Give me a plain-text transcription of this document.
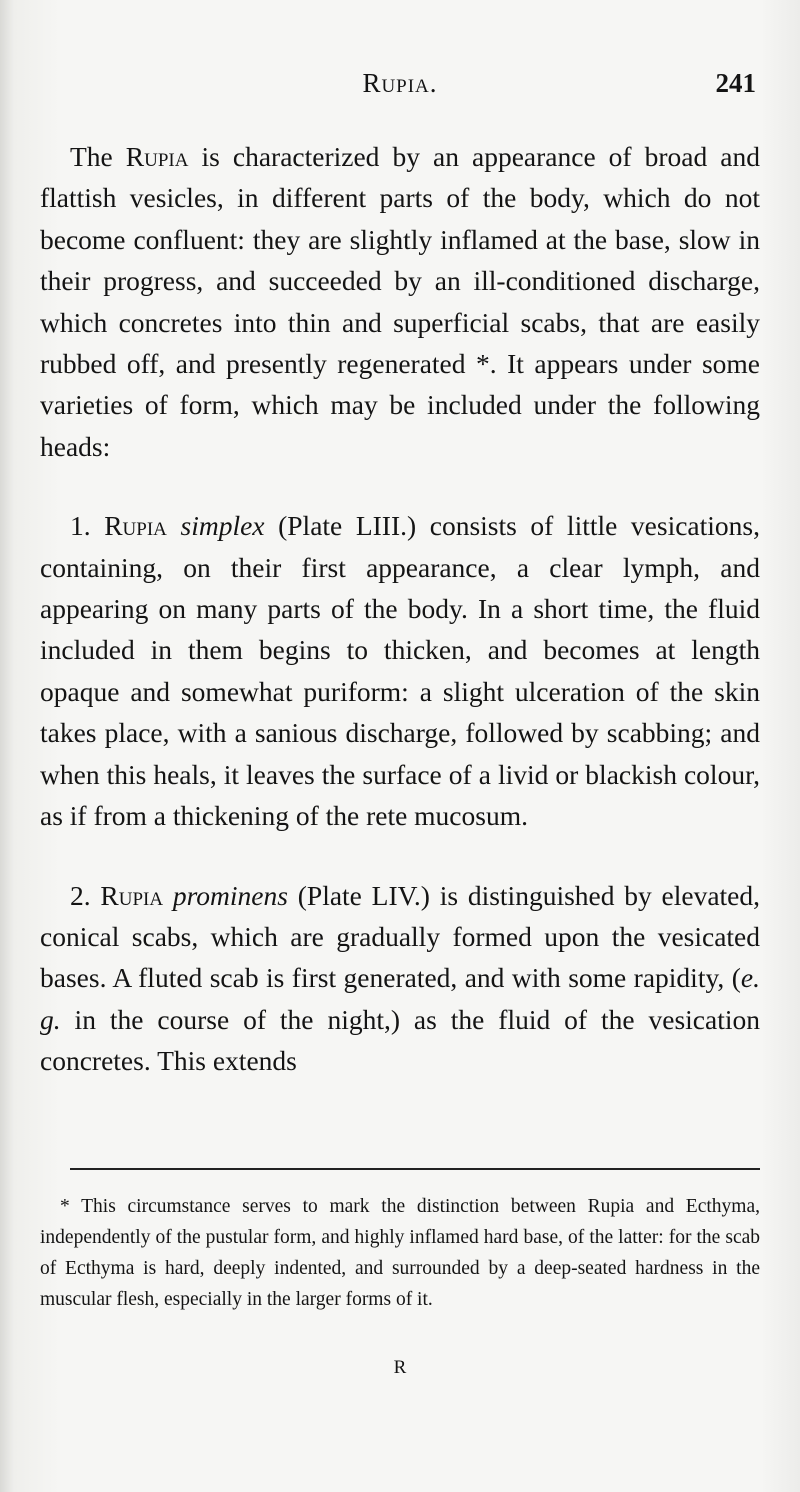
Rupia.	241

The Rupia is characterized by an appearance of broad and flattish vesicles, in different parts of the body, which do not become confluent: they are slightly inflamed at the base, slow in their progress, and succeeded by an ill-conditioned discharge, which concretes into thin and superficial scabs, that are easily rubbed off, and presently regenerated *. It appears under some varieties of form, which may be included under the following heads:

1. Rupia simplex (Plate LIII.) consists of little vesications, containing, on their first appearance, a clear lymph, and appearing on many parts of the body. In a short time, the fluid included in them begins to thicken, and becomes at length opaque and somewhat puriform: a slight ulceration of the skin takes place, with a sanious discharge, followed by scabbing; and when this heals, it leaves the surface of a livid or blackish colour, as if from a thickening of the rete mucosum.

2. Rupia prominens (Plate LIV.) is distinguished by elevated, conical scabs, which are gradually formed upon the vesicated bases. A fluted scab is first generated, and with some rapidity, (e. g. in the course of the night,) as the fluid of the vesication concretes. This extends

* This circumstance serves to mark the distinction between Rupia and Ecthyma, independently of the pustular form, and highly inflamed hard base, of the latter: for the scab of Ecthyma is hard, deeply indented, and surrounded by a deep-seated hardness in the muscular flesh, especially in the larger forms of it.

R
